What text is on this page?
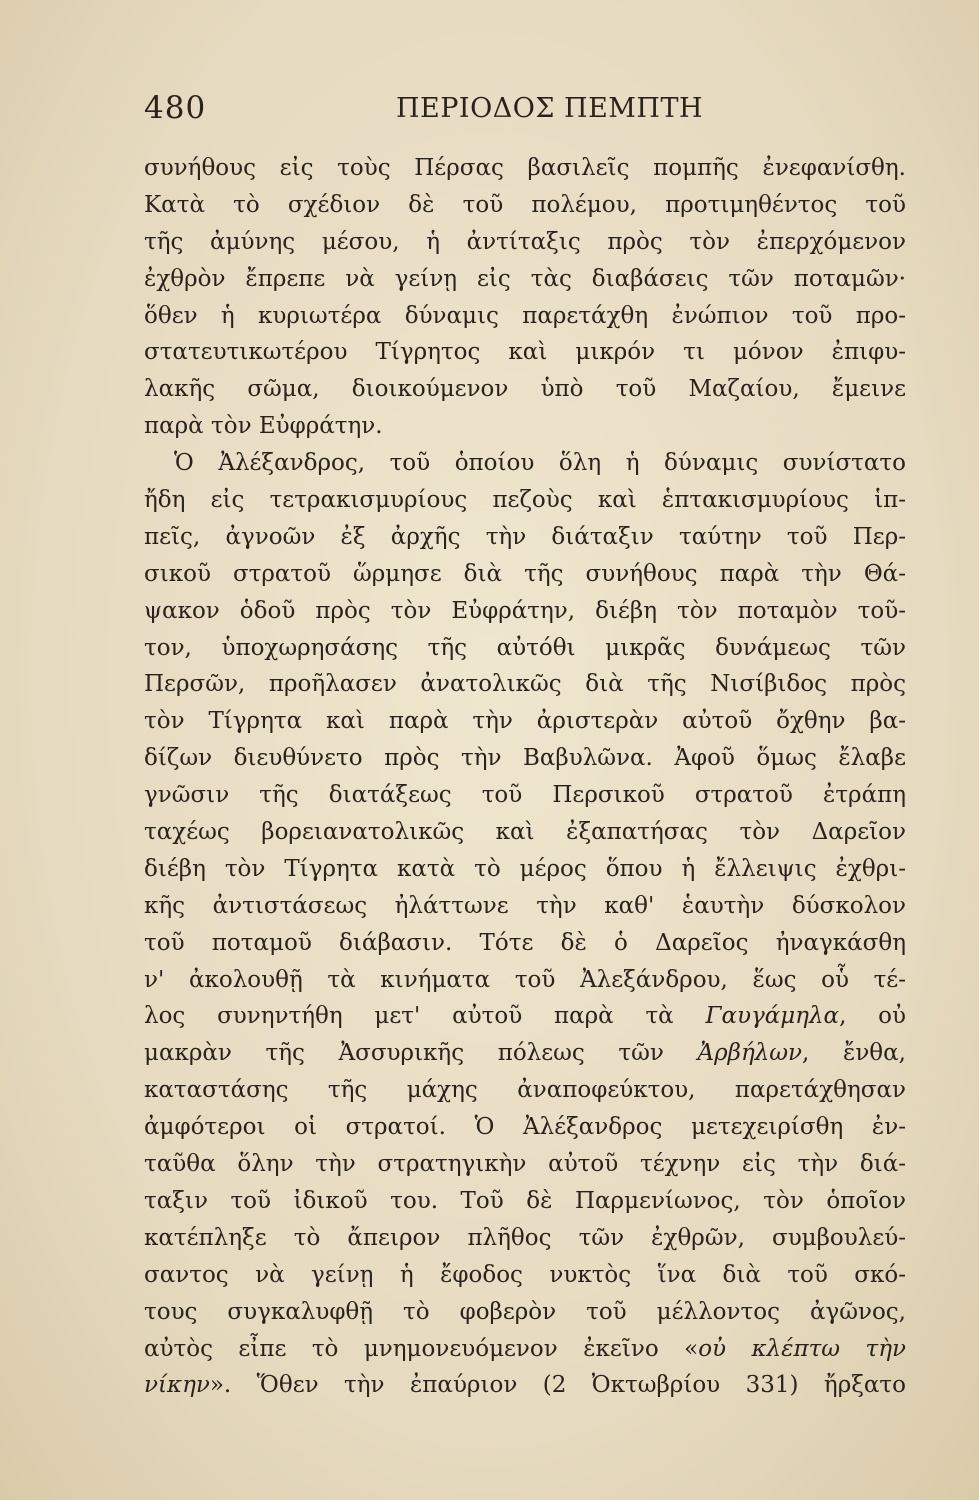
480	ΠΕΡΙΟΔΟΣ ΠΕΜΠΤΗ
συνήθους εἰς τοὺς Πέρσας βασιλεῖς πομπῆς ἐνεφανίσθη.
Κατὰ τὸ σχέδιον δὲ τοῦ πολέμου, προτιμηθέντος τοῦ
τῆς ἀμύνης μέσου, ἡ ἀντίταξις πρὸς τὸν ἐπερχόμενον
ἐχθρὸν ἔπρεπε νὰ γείνῃ εἰς τὰς διαβάσεις τῶν ποταμῶν·
ὅθεν ἡ κυριωτέρα δύναμις παρετάχθη ἐνώπιον τοῦ προ-
στατευτικωτέρου Τίγρητος καὶ μικρόν τι μόνον ἐπιφυ-
λακῆς σῶμα, διοικούμενον ὑπὸ τοῦ Μαζαίου, ἔμεινε
παρὰ τὸν Εὐφράτην.
Ὁ Ἀλέξανδρος, τοῦ ὁποίου ὅλη ἡ δύναμις συνίστατο
ἤδη εἰς τετρακισμυρίους πεζοὺς καὶ ἑπτακισμυρίους ἱπ-
πεῖς, ἀγνοῶν ἐξ ἀρχῆς τὴν διάταξιν ταύτην τοῦ Περ-
σικοῦ στρατοῦ ὥρμησε διὰ τῆς συνήθους παρὰ τὴν Θά-
ψακον ὁδοῦ πρὸς τὸν Εὐφράτην, διέβη τὸν ποταμὸν τοῦ-
τον, ὑποχωρησάσης τῆς αὐτόθι μικρᾶς δυνάμεως τῶν
Περσῶν, προῆλασεν ἀνατολικῶς διὰ τῆς Νισίβιδος πρὸς
τὸν Τίγρητα καὶ παρὰ τὴν ἀριστερὰν αὐτοῦ ὄχθην βα-
δίζων διευθύνετο πρὸς τὴν Βαβυλῶνα. Ἀφοῦ ὅμως ἔλαβε
γνῶσιν τῆς διατάξεως τοῦ Περσικοῦ στρατοῦ ἐτράπη
ταχέως βορειανατολικῶς καὶ ἐξαπατήσας τὸν Δαρεῖον
διέβη τὸν Τίγρητα κατὰ τὸ μέρος ὅπου ἡ ἔλλειψις ἐχθρι-
κῆς ἀντιστάσεως ἠλάττωνε τὴν καθ' ἑαυτὴν δύσκολον
τοῦ ποταμοῦ διάβασιν. Τότε δὲ ὁ Δαρεῖος ἠναγκάσθη
ν' ἀκολουθῇ τὰ κινήματα τοῦ Ἀλεξάνδρου, ἕως οὗ τέ-
λος συνηντήθη μετ' αὐτοῦ παρὰ τὰ Γαυγάμηλα, οὐ
μακρὰν τῆς Ἀσσυρικῆς πόλεως τῶν Ἀρβήλων, ἔνθα,
καταστάσης τῆς μάχης ἀναποφεύκτου, παρετάχθησαν
ἀμφότεροι οἱ στρατοί. Ὁ Ἀλέξανδρος μετεχειρίσθη ἐν-
ταῦθα ὅλην τὴν στρατηγικὴν αὐτοῦ τέχνην εἰς τὴν διά-
ταξιν τοῦ ἰδικοῦ του. Τοῦ δὲ Παρμενίωνος, τὸν ὁποῖον
κατέπληξε τὸ ἄπειρον πλῆθος τῶν ἐχθρῶν, συμβουλεύ-
σαντος νὰ γείνῃ ἡ ἔφοδος νυκτὸς ἵνα διὰ τοῦ σκό-
τους συγκαλυφθῇ τὸ φοβερὸν τοῦ μέλλοντος ἀγῶνος,
αὐτὸς εἶπε τὸ μνημονευόμενον ἐκεῖνο «οὐ κλέπτω τὴν
νίκην». Ὅθεν τὴν ἐπαύριον (2 Ὀκτωβρίου 331) ἤρξατο
